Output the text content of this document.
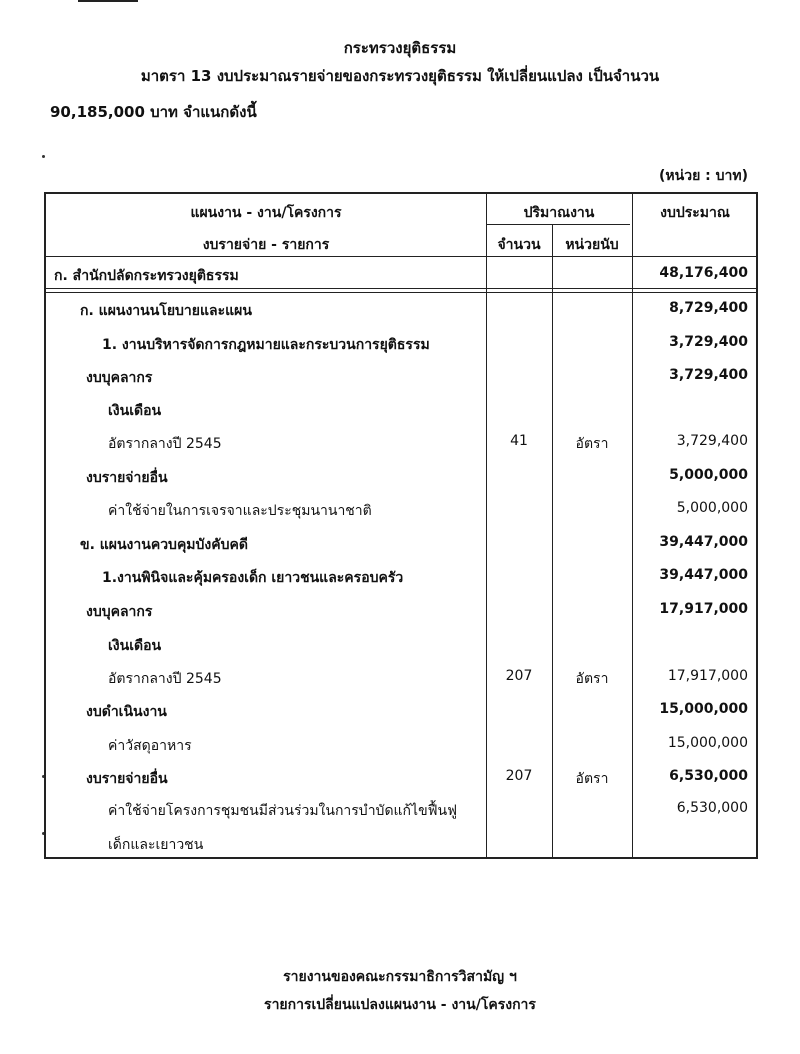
กระทรวงยุติธรรม
มาตรา 13 งบประมาณรายจ่ายของกระทรวงยุติธรรม ให้เปลี่ยนแปลง เป็นจำนวน
90,185,000 บาท จำแนกดังนี้
(หน่วย : บาท)
แผนงาน - งาน/โครงการ
งบรายจ่าย - รายการ
ปริมาณงาน
จำนวน	หน่วยนับ
งบประมาณ
ก. สำนักปลัดกระทรวงยุติธรรม	48,176,400
ก. แผนงานนโยบายและแผน	8,729,400
1. งานบริหารจัดการกฎหมายและกระบวนการยุติธรรม	3,729,400
งบบุคลากร	3,729,400
เงินเดือน
อัตรากลางปี 2545	41	อัตรา	3,729,400
งบรายจ่ายอื่น	5,000,000
ค่าใช้จ่ายในการเจรจาและประชุมนานาชาติ	5,000,000
ข. แผนงานควบคุมบังคับคดี	39,447,000
1.งานพินิจและคุ้มครองเด็ก เยาวชนและครอบครัว	39,447,000
งบบุคลากร	17,917,000
เงินเดือน
อัตรากลางปี 2545	207	อัตรา	17,917,000
งบดำเนินงาน	15,000,000
ค่าวัสดุอาหาร	15,000,000
งบรายจ่ายอื่น	207	อัตรา	6,530,000
ค่าใช้จ่ายโครงการชุมชนมีส่วนร่วมในการบำบัดแก้ไขฟื้นฟู	6,530,000
เด็กและเยาวชน
รายงานของคณะกรรมาธิการวิสามัญ ฯ
รายการเปลี่ยนแปลงแผนงาน - งาน/โครงการ
